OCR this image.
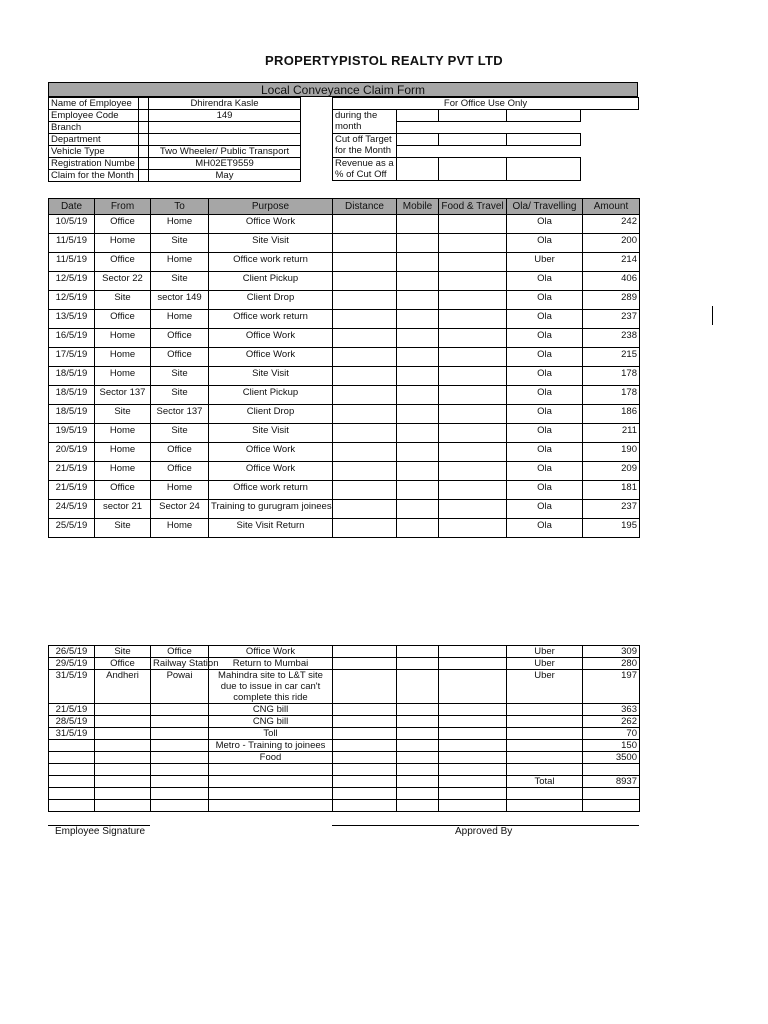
PROPERTYPISTOL REALTY PVT LTD
Local Conveyance Claim Form
Name of Employee		Dhirendra Kasle
Employee Code		149
Branch		
Department		
Vehicle Type		Two Wheeler/ Public Transport
Registration Numbe		MH02ET9559
Claim for the Month		May
For Office Use Only				
during the month				

Cut off Target for the Month				

Revenue as a % of Cut Off				
Date	From	To	Purpose	Distance	Mobile	Food & Travel	Ola/ Travelling	Amount
10/5/19	Office	Home	Office Work				Ola	242
11/5/19	Home	Site	Site Visit				Ola	200
11/5/19	Office	Home	Office work return				Uber	214
12/5/19	Sector 22	Site	Client Pickup				Ola	406
12/5/19	Site	sector 149	Client Drop				Ola	289
13/5/19	Office	Home	Office work return				Ola	237
16/5/19	Home	Office	Office Work				Ola	238
17/5/19	Home	Office	Office Work				Ola	215
18/5/19	Home	Site	Site Visit				Ola	178
18/5/19	Sector 137	Site	Client Pickup				Ola	178
18/5/19	Site	Sector 137	Client Drop				Ola	186
19/5/19	Home	Site	Site Visit				Ola	211
20/5/19	Home	Office	Office Work				Ola	190
21/5/19	Home	Office	Office Work				Ola	209
21/5/19	Office	Home	Office work return				Ola	181
24/5/19	sector 21	Sector 24	Training to gurugram joinees				Ola	237
25/5/19	Site	Home	Site Visit Return				Ola	195
26/5/19	Site	Office	Office Work				Uber	309
29/5/19	Office	Railway Station	Return to Mumbai				Uber	280
31/5/19	Andheri	Powai	Mahindra site to L&T site due to issue in car can't complete this ride				Uber	197
21/5/19			CNG bill					363
28/5/19			CNG bill					262
31/5/19			Toll					70
			Metro - Training to joinees					150
			Food					3500

							Total	8937

Employee Signature	Approved By
